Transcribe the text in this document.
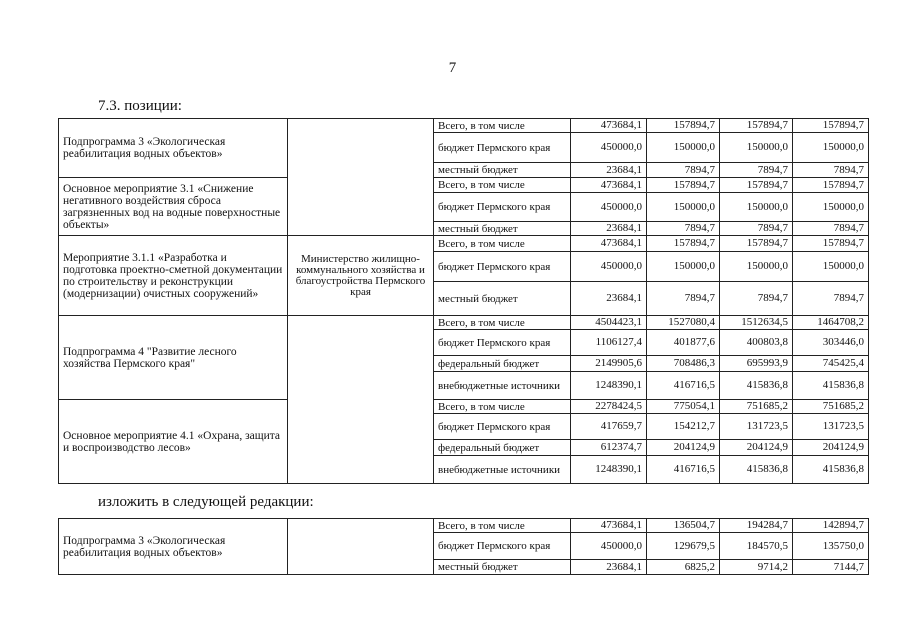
7
7.3. позиции:
Подпрограмма 3 «Экологическая реабилитация водных объектов»		Всего, в том числе	473684,1	157894,7	157894,7	157894,7
		бюджет Пермского края	450000,0	150000,0	150000,0	150000,0
		местный бюджет	23684,1	7894,7	7894,7	7894,7
Основное мероприятие 3.1 «Снижение негативного воздействия сброса загрязненных вод на водные поверхностные объекты»		Всего, в том числе	473684,1	157894,7	157894,7	157894,7
		бюджет Пермского края	450000,0	150000,0	150000,0	150000,0
		местный бюджет	23684,1	7894,7	7894,7	7894,7
Мероприятие 3.1.1 «Разработка и подготовка проектно-сметной документации по строительству и реконструкции (модернизации) очистных сооружений»	Министерство жилищно-коммунального хозяйства и благоустройства Пермского края	Всего, в том числе	473684,1	157894,7	157894,7	157894,7
		бюджет Пермского края	450000,0	150000,0	150000,0	150000,0
		местный бюджет	23684,1	7894,7	7894,7	7894,7
Подпрограмма 4 "Развитие лесного хозяйства Пермского края"		Всего, в том числе	4504423,1	1527080,4	1512634,5	1464708,2
		бюджет Пермского края	1106127,4	401877,6	400803,8	303446,0
		федеральный бюджет	2149905,6	708486,3	695993,9	745425,4
		внебюджетные источники	1248390,1	416716,5	415836,8	415836,8
Основное мероприятие 4.1 «Охрана, защита и воспроизводство лесов»		Всего, в том числе	2278424,5	775054,1	751685,2	751685,2
		бюджет Пермского края	417659,7	154212,7	131723,5	131723,5
		федеральный бюджет	612374,7	204124,9	204124,9	204124,9
		внебюджетные источники	1248390,1	416716,5	415836,8	415836,8
изложить в следующей редакции:
Подпрограмма 3 «Экологическая реабилитация водных объектов»		Всего, в том числе	473684,1	136504,7	194284,7	142894,7
		бюджет Пермского края	450000,0	129679,5	184570,5	135750,0
		местный бюджет	23684,1	6825,2	9714,2	7144,7
